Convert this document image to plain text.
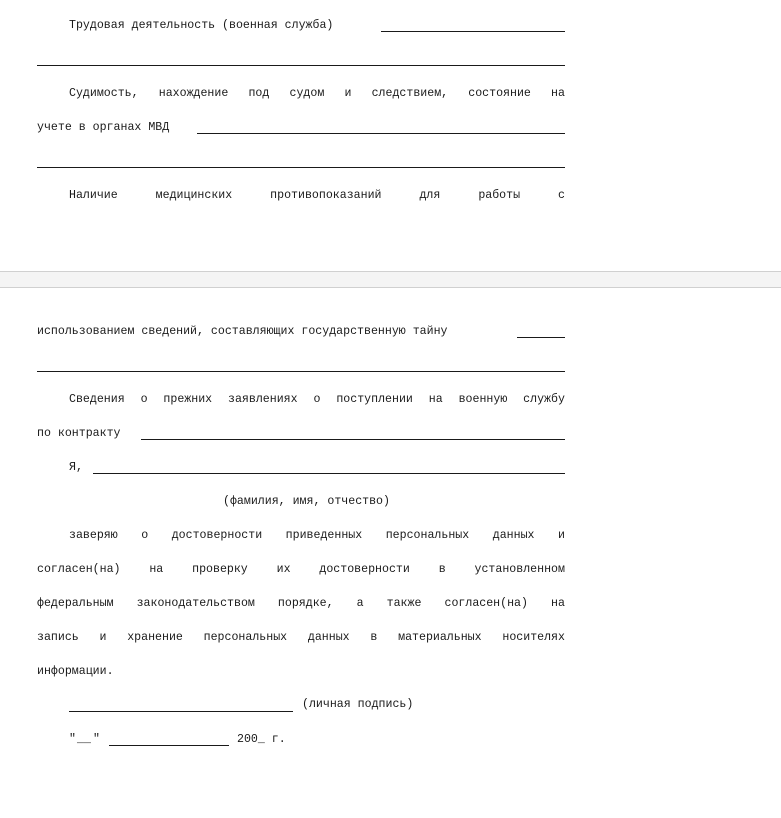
Трудовая деятельность (военная служба)
Судимость, нахождение под судом и следствием, состояние на
учете в органах МВД
Наличие	медицинских	противопоказаний	для	работы	с
использованием сведений, составляющих государственную тайну
Сведения о прежних заявлениях о поступлении на военную службу
по контракту
Я,
(фамилия, имя, отчество)
заверяю о достоверности приведенных персональных данных и
согласен(на) на проверку их достоверности в установленном
федеральным законодательством порядке, а также согласен(на) на
запись и хранение персональных данных в материальных носителях
информации.
(личная подпись)
" __ "	200_ г.
